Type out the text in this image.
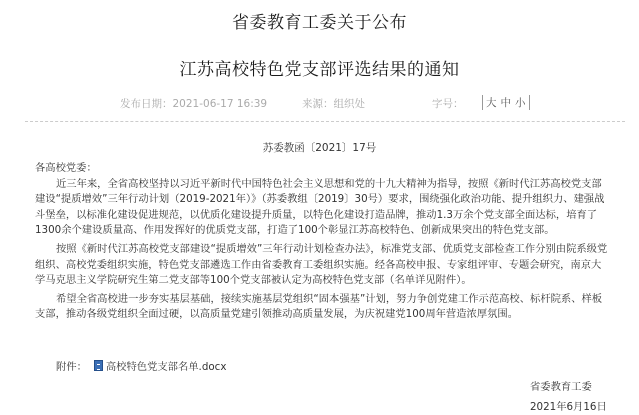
省委教育工委关于公布
江苏高校特色党支部评选结果的通知
发布日期：2021-06-17 16:39	来源：组织处	字号： 大 中 小
苏委教函〔2021〕17号

各高校党委：

近三年来，全省高校坚持以习近平新时代中国特色社会主义思想和党的十九大精神为指导，按照《新时代江苏高校党支部建设“提质增效”三年行动计划（2019-2021年）》（苏委教组〔2019〕30号）要求，围绕强化政治功能、提升组织力、建强战斗堡垒，以标准化建设促进规范，以优质化建设提升质量，以特色化建设打造品牌，推动1.3万余个党支部全面达标，培育了1300余个建设质量高、作用发挥好的优质党支部，打造了100个彰显江苏高校特色、创新成果突出的特色党支部。

按照《新时代江苏高校党支部建设“提质增效”三年行动计划检查办法》，标准党支部、优质党支部检查工作分别由院系级党组织、高校党委组织实施，特色党支部遴选工作由省委教育工委组织实施。经各高校申报、专家组评审、专题会研究，南京大学马克思主义学院研究生第二党支部等100个党支部被认定为高校特色党支部（名单详见附件）。

希望全省高校进一步夯实基层基础，接续实施基层党组织“固本强基”计划，努力争创党建工作示范高校、标杆院系、样板支部，推动各级党组织全面过硬，以高质量党建引领推动高质量发展，为庆祝建党100周年营造浓厚氛围。

附件： 高校特色党支部名单.docx
省委教育工委
2021年6月16日
